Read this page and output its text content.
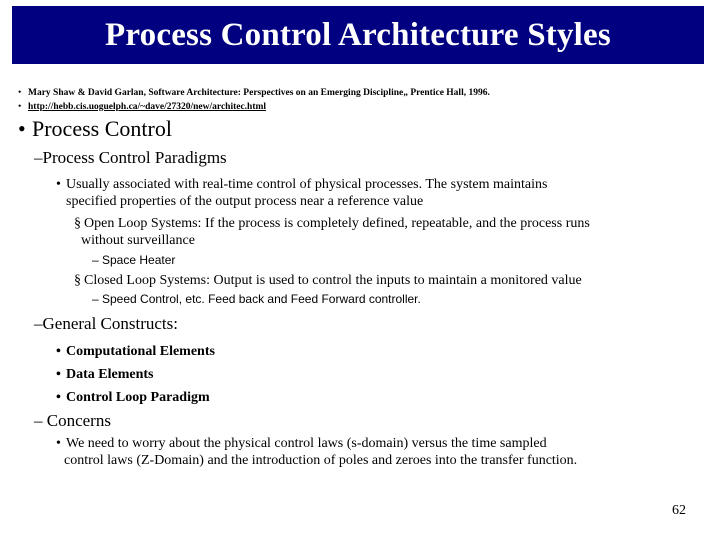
Process Control Architecture Styles
• Mary Shaw & David Garlan, Software Architecture: Perspectives on an Emerging Discipline„ Prentice Hall, 1996.
• http://hebb.cis.uoguelph.ca/~dave/27320/new/architec.html
• Process Control
–Process Control Paradigms
• Usually associated with real-time control of physical processes. The system maintains
specified properties of the output process near a reference value
§ Open Loop Systems: If the process is completely defined, repeatable, and the process runs
without surveillance
– Space Heater
§ Closed Loop Systems: Output is used to control the inputs to maintain a monitored value
– Speed Control, etc. Feed back and Feed Forward controller.
–General Constructs:
• Computational Elements
• Data Elements
• Control Loop Paradigm
– Concerns
• We need to worry about the physical control laws (s-domain) versus the time sampled
control laws (Z-Domain) and the introduction of poles and zeroes into the transfer function.
62
